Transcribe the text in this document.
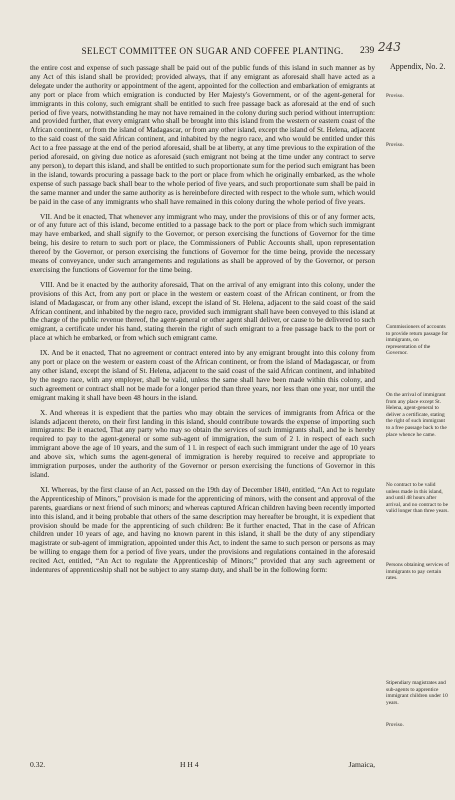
SELECT COMMITTEE ON SUGAR AND COFFEE PLANTING.	239 243
Appendix, No. 2.

the entire cost and expense of such passage shall be paid out of the public funds of this island in such manner as by any Act of this island shall be provided; provided always, that if any emigrant as aforesaid shall have acted as a delegate under the authority or appointment of the agent, appointed for the collection and embarkation of emigrants at any port or place from which emigration is conducted by Her Majesty's Government, or of the agent-general for immigrants in this colony, such emigrant shall be entitled to such free passage back as aforesaid at the end of such period of five years, notwithstanding he may not have remained in the colony during such period without interruption: and provided further, that every emigrant who shall be brought into this island from the western or eastern coast of the African continent, or from the island of Madagascar, or from any other island, except the island of St. Helena, adjacent to the said coast of the said African continent, and inhabited by the negro race, and who would be entitled under this Act to a free passage at the end of the period aforesaid, shall be at liberty, at any time previous to the expiration of the period aforesaid, on giving due notice as aforesaid (such emigrant not being at the time under any contract to serve any person), to depart this island, and shall be entitled to such proportionate sum for the period such emigrant has been in the island, towards procuring a passage back to the port or place from which he originally embarked, as the whole expense of such passage back shall bear to the whole period of five years, and such proportionate sum shall be paid in the same manner and under the same authority as is hereinbefore directed with respect to the whole sum, which would be paid in the case of any immigrants who shall have remained in this colony during the whole period of five years.

VII. And be it enacted, That whenever any immigrant who may, under the provisions of this or of any former acts, or of any future act of this island, become entitled to a passage back to the port or place from which such immigrant may have embarked, and shall signify to the Governor, or person exercising the functions of Governor for the time being, his desire to return to such port or place, the Commissioners of Public Accounts shall, upon representation thereof by the Governor, or person exercising the functions of Governor for the time being, provide the necessary means of conveyance, under such arrangements and regulations as shall be approved of by the Governor, or person exercising the functions of Governor for the time being.

VIII. And be it enacted by the authority aforesaid, That on the arrival of any emigrant into this colony, under the provisions of this Act, from any port or place in the western or eastern coast of the African continent, or from the island of Madagascar, or from any other island, except the island of St. Helena, adjacent to the said coast of the said African continent, and inhabited by the negro race, provided such immigrant shall have been conveyed to this island at the charge of the public revenue thereof, the agent-general or other agent shall deliver, or cause to be delivered to such emigrant, a certificate under his hand, stating therein the right of such emigrant to a free passage back to the port or place at which he embarked, or from which such emigrant came.

IX. And be it enacted, That no agreement or contract entered into by any emigrant brought into this colony from any port or place on the western or eastern coast of the African continent, or from the island of Madagascar, or from any other island, except the island of St. Helena, adjacent to the said coast of the said African continent, and inhabited by the negro race, with any employer, shall be valid, unless the same shall have been made within this colony, and such agreement or contract shall not be made for a longer period than three years, nor less than one year, nor until the emigrant making it shall have been 48 hours in the island.

X. And whereas it is expedient that the parties who may obtain the services of immigrants from Africa or the islands adjacent thereto, on their first landing in this island, should contribute towards the expense of importing such immigrants: Be it enacted, That any party who may so obtain the services of such immigrants shall, and he is hereby required to pay to the agent-general or some sub-agent of immigration, the sum of 2 l. in respect of each such immigrant above the age of 10 years, and the sum of 1 l. in respect of each such immigrant under the age of 10 years and above six, which sums the agent-general of immigration is hereby required to receive and appropriate to immigration purposes, under the authority of the Governor or person exercising the functions of Governor in this island.

XI. Whereas, by the first clause of an Act, passed on the 19th day of December 1840, entitled, “An Act to regulate the Apprenticeship of Minors,” provision is made for the apprenticing of minors, with the consent and approval of the parents, guardians or next friend of such minors; and whereas captured African children having been recently imported into this island, and it being probable that others of the same description may hereafter be brought, it is expedient that provision should be made for the apprenticing of such children: Be it further enacted, That in the case of African children under 10 years of age, and having no known parent in this island, it shall be the duty of any stipendiary magistrate or sub-agent of immigration, appointed under this Act, to indent the same to such person or persons as may be willing to engage them for a period of five years, under the provisions and regulations contained in the aforesaid recited Act, entitled, “An Act to regulate the Apprenticeship of Minors;” provided that any such agreement or indentures of apprenticeship shall not be subject to any stamp duty, and shall be in the following form:

Proviso.
Proviso.
Commissioners of accounts to provide return passage for immigrants, on representation of the Governor.
On the arrival of immigrant from any place except St. Helena, agent-general to deliver a certificate, stating the right of such immigrant to a free passage back to the place whence he came.
No contract to be valid unless made in this island, and until 48 hours after arrival, and no contract to be valid longer than three years.
Persons obtaining services of immigrants to pay certain rates.
Stipendiary magistrates and sub-agents to apprentice immigrant children under 10 years.
Proviso.
0.32.	H H 4	Jamaica,
